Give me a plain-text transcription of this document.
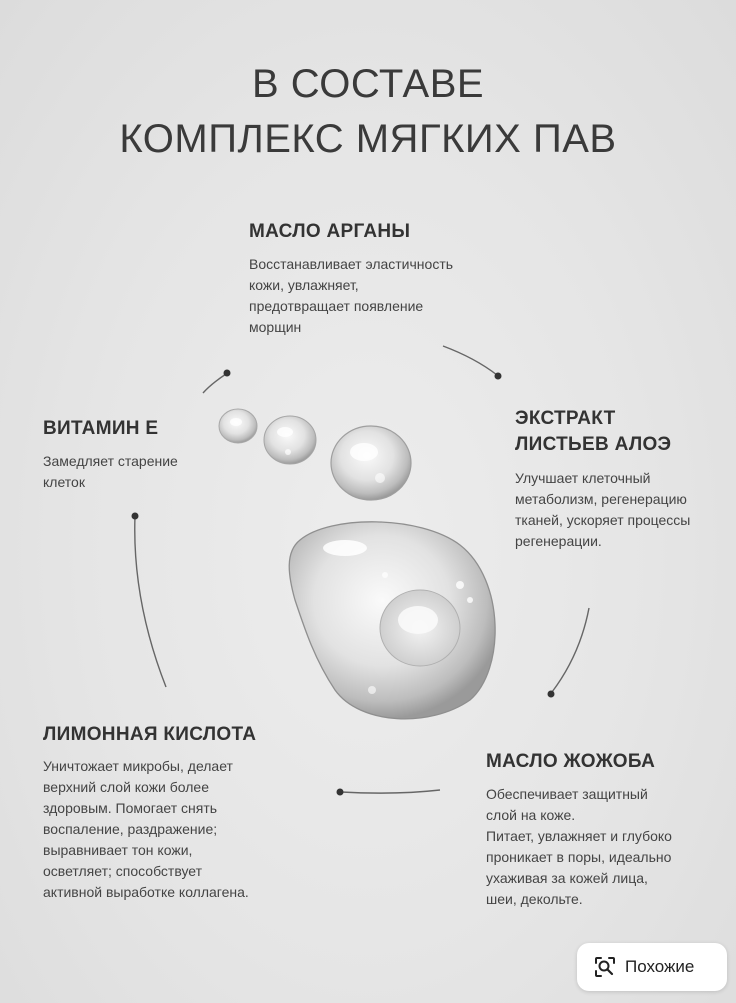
В СОСТАВЕ
КОМПЛЕКС МЯГКИХ ПАВ
МАСЛО АРГАНЫ
Восстанавливает эластичность
кожи, увлажняет,
предотвращает появление
морщин
ЭКСТРАКТ
ЛИСТЬЕВ АЛОЭ
Улучшает клеточный
метаболизм, регенерацию
тканей, ускоряет процессы
регенерации.
ВИТАМИН Е
Замедляет старение
клеток
ЛИМОННАЯ КИСЛОТА
Уничтожает микробы, делает
верхний слой кожи более
здоровым. Помогает снять
воспаление, раздражение;
выравнивает тон кожи,
осветляет; способствует
активной выработке коллагена.
МАСЛО ЖОЖОБА
Обеспечивает защитный
слой на коже.
Питает, увлажняет и глубоко
проникает в поры, идеально
ухаживая за кожей лица,
шеи, декольте.
Похожие
